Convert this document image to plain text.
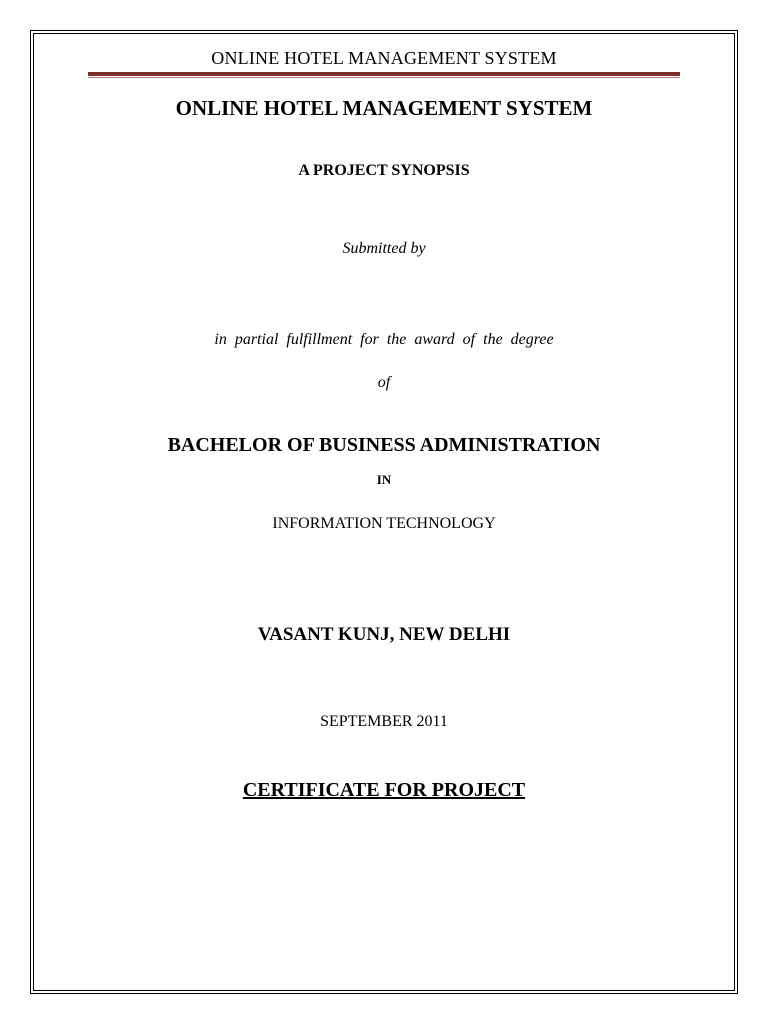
ONLINE HOTEL MANAGEMENT SYSTEM
ONLINE HOTEL MANAGEMENT SYSTEM
A PROJECT SYNOPSIS
Submitted by
in partial fulfillment for the award of the degree
of
BACHELOR OF BUSINESS ADMINISTRATION
IN
INFORMATION TECHNOLOGY
VASANT KUNJ, NEW DELHI
SEPTEMBER 2011
CERTIFICATE FOR PROJECT
